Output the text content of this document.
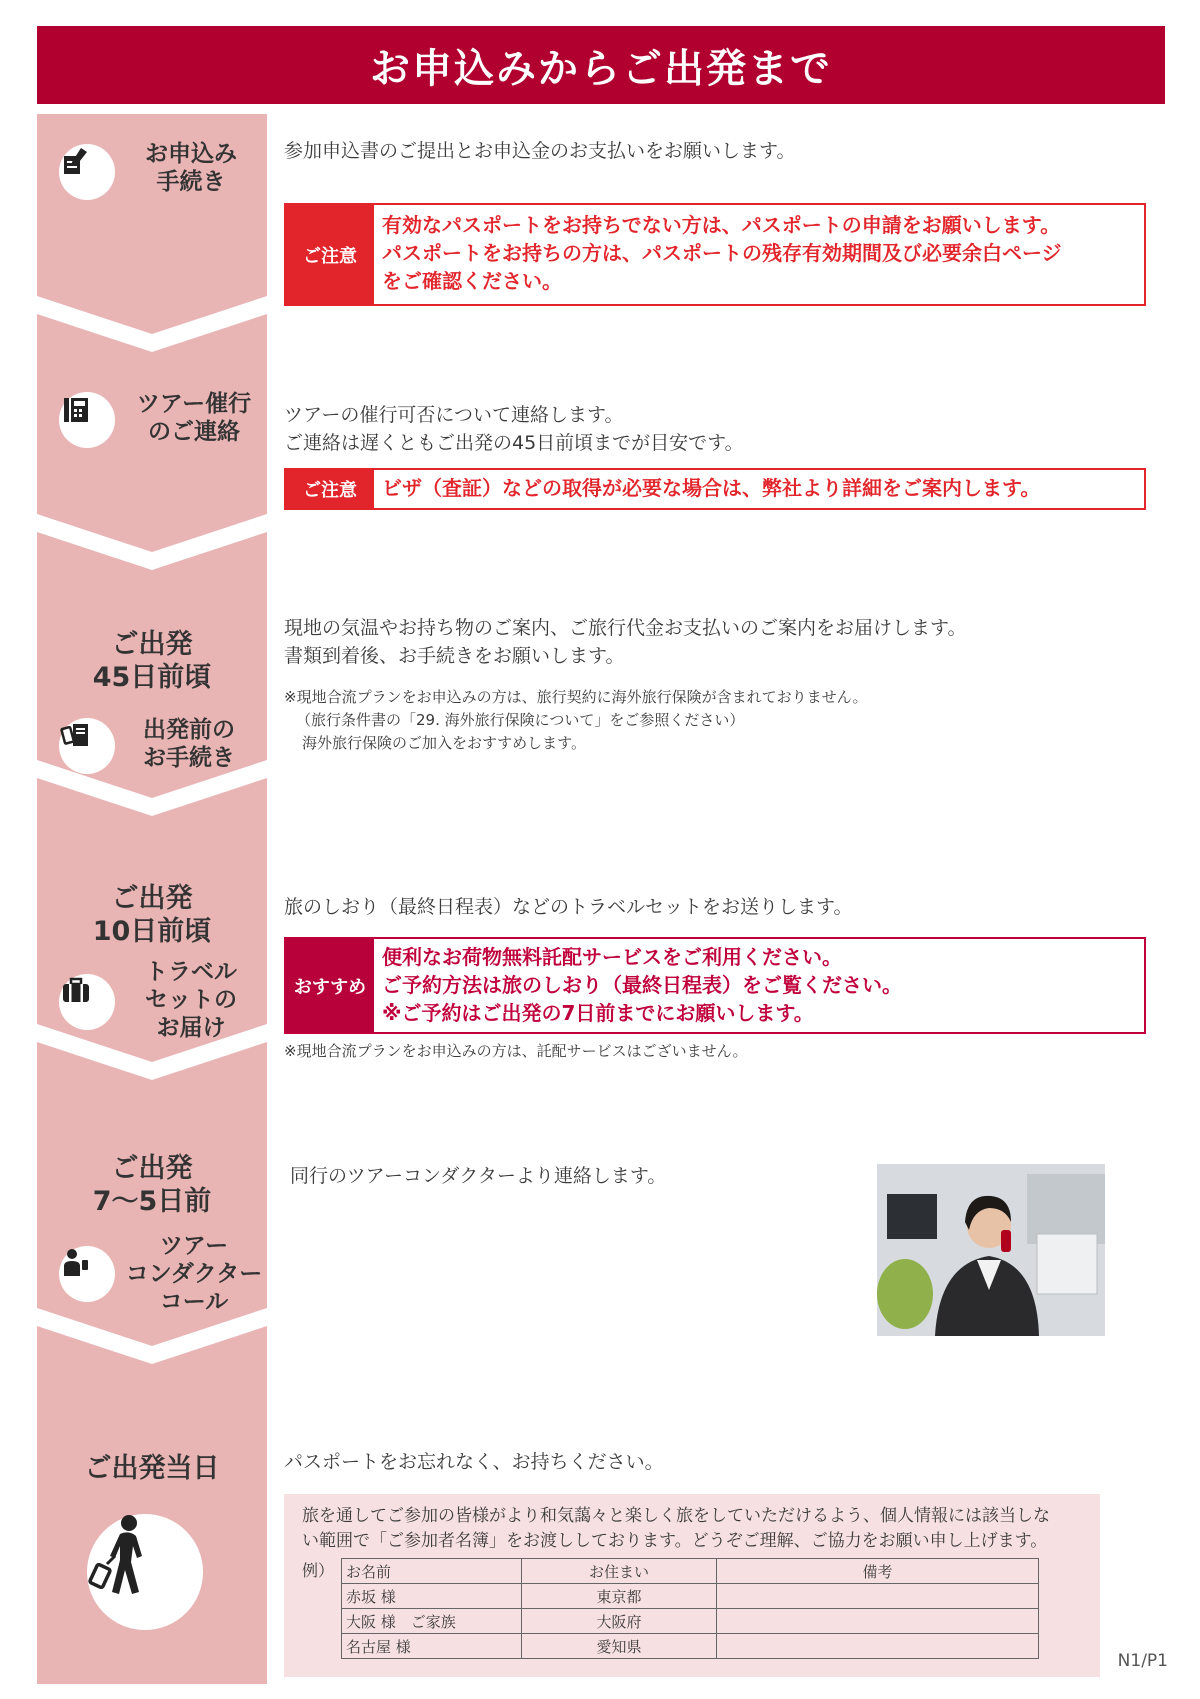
お申込みからご出発まで
お申込み
手続き
ツアー催行
のご連絡
ご出発
45日前頃
出発前の
お手続き
ご出発
10日前頃
トラベル
セットの
お届け
ご出発
7〜5日前
ツアー
コンダクター
コール
ご出発当日
参加申込書のご提出とお申込金のお支払いをお願いします。
ご注意
有効なパスポートをお持ちでない方は、パスポートの申請をお願いします。
パスポートをお持ちの方は、パスポートの残存有効期間及び必要余白ページ
をご確認ください。
ツアーの催行可否について連絡します。
ご連絡は遅くともご出発の45日前頃までが目安です。
ご注意	ビザ（査証）などの取得が必要な場合は、弊社より詳細をご案内します。
現地の気温やお持ち物のご案内、ご旅行代金お支払いのご案内をお届けします。
書類到着後、お手続きをお願いします。
※現地合流プランをお申込みの方は、旅行契約に海外旅行保険が含まれておりません。
（旅行条件書の「29. 海外旅行保険について」をご参照ください）
海外旅行保険のご加入をおすすめします。
旅のしおり（最終日程表）などのトラベルセットをお送りします。
おすすめ
便利なお荷物無料託配サービスをご利用ください。
ご予約方法は旅のしおり（最終日程表）をご覧ください。
※ご予約はご出発の7日前までにお願いします。
※現地合流プランをお申込みの方は、託配サービスはございません。
同行のツアーコンダクターより連絡します。
パスポートをお忘れなく、お持ちください。
旅を通してご参加の皆様がより和気藹々と楽しく旅をしていただけるよう、個人情報には該当しな
い範囲で「ご参加者名簿」をお渡ししております。どうぞご理解、ご協力をお願い申し上げます。
例） お名前	お住まい	備考
赤坂 様	東京都	
大阪 様　ご家族	大阪府	
名古屋 様	愛知県	
N1/P1
